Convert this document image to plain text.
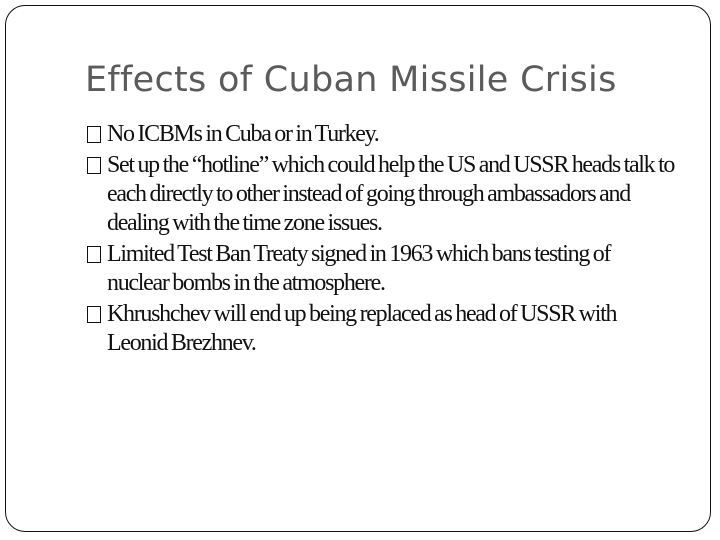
Effects of Cuban Missile Crisis
No ICBMs in Cuba or in Turkey.
Set up the “hotline” which could help the US and USSR heads talk to each directly to other instead of going through ambassadors and dealing with the time zone issues.
Limited Test Ban Treaty signed in 1963 which bans testing of nuclear bombs in the atmosphere.
Khrushchev will end up being replaced as head of USSR with Leonid Brezhnev.
